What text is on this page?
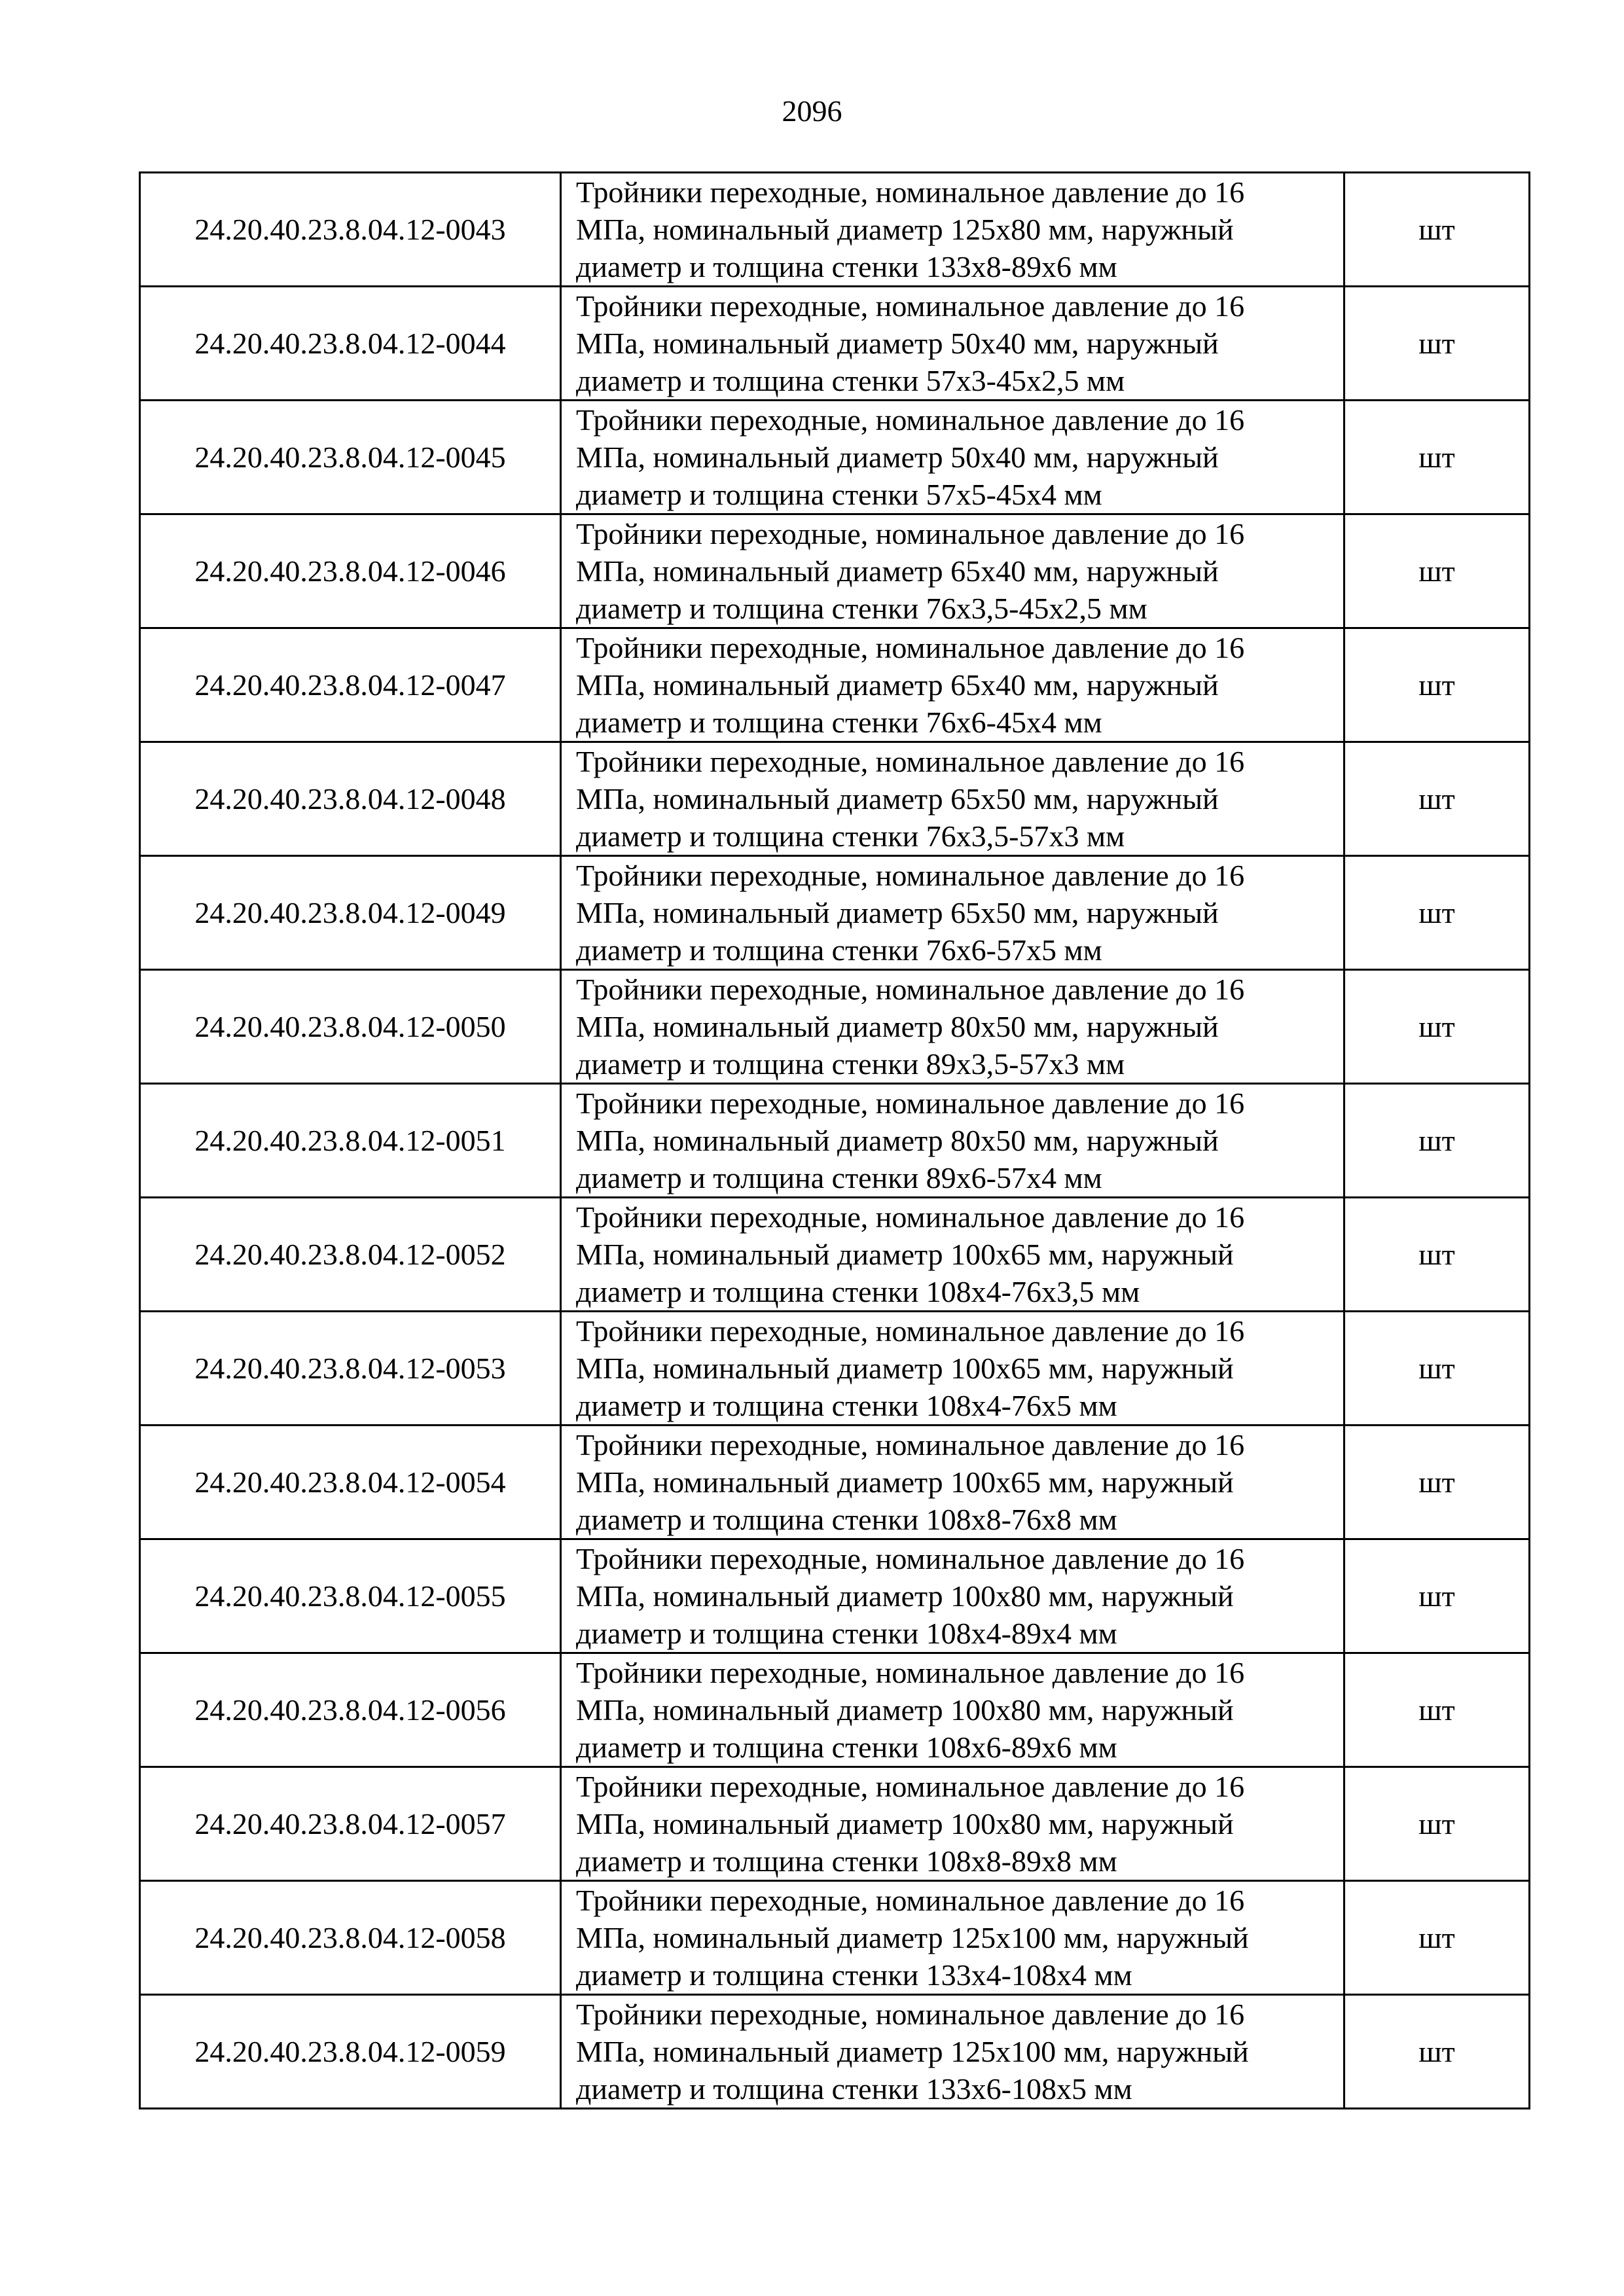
2096
24.20.40.23.8.04.12-0043	Тройники переходные, номинальное давление до 16
МПа, номинальный диаметр 125х80 мм, наружный
диаметр и толщина стенки 133х8-89х6 мм	шт
24.20.40.23.8.04.12-0044	Тройники переходные, номинальное давление до 16
МПа, номинальный диаметр 50х40 мм, наружный
диаметр и толщина стенки 57х3-45х2,5 мм	шт
24.20.40.23.8.04.12-0045	Тройники переходные, номинальное давление до 16
МПа, номинальный диаметр 50х40 мм, наружный
диаметр и толщина стенки 57х5-45х4 мм	шт
24.20.40.23.8.04.12-0046	Тройники переходные, номинальное давление до 16
МПа, номинальный диаметр 65х40 мм, наружный
диаметр и толщина стенки 76х3,5-45х2,5 мм	шт
24.20.40.23.8.04.12-0047	Тройники переходные, номинальное давление до 16
МПа, номинальный диаметр 65х40 мм, наружный
диаметр и толщина стенки 76х6-45х4 мм	шт
24.20.40.23.8.04.12-0048	Тройники переходные, номинальное давление до 16
МПа, номинальный диаметр 65х50 мм, наружный
диаметр и толщина стенки 76х3,5-57х3 мм	шт
24.20.40.23.8.04.12-0049	Тройники переходные, номинальное давление до 16
МПа, номинальный диаметр 65х50 мм, наружный
диаметр и толщина стенки 76х6-57х5 мм	шт
24.20.40.23.8.04.12-0050	Тройники переходные, номинальное давление до 16
МПа, номинальный диаметр 80х50 мм, наружный
диаметр и толщина стенки 89х3,5-57х3 мм	шт
24.20.40.23.8.04.12-0051	Тройники переходные, номинальное давление до 16
МПа, номинальный диаметр 80х50 мм, наружный
диаметр и толщина стенки 89х6-57х4 мм	шт
24.20.40.23.8.04.12-0052	Тройники переходные, номинальное давление до 16
МПа, номинальный диаметр 100х65 мм, наружный
диаметр и толщина стенки 108х4-76х3,5 мм	шт
24.20.40.23.8.04.12-0053	Тройники переходные, номинальное давление до 16
МПа, номинальный диаметр 100х65 мм, наружный
диаметр и толщина стенки 108х4-76х5 мм	шт
24.20.40.23.8.04.12-0054	Тройники переходные, номинальное давление до 16
МПа, номинальный диаметр 100х65 мм, наружный
диаметр и толщина стенки 108х8-76х8 мм	шт
24.20.40.23.8.04.12-0055	Тройники переходные, номинальное давление до 16
МПа, номинальный диаметр 100х80 мм, наружный
диаметр и толщина стенки 108х4-89х4 мм	шт
24.20.40.23.8.04.12-0056	Тройники переходные, номинальное давление до 16
МПа, номинальный диаметр 100х80 мм, наружный
диаметр и толщина стенки 108х6-89х6 мм	шт
24.20.40.23.8.04.12-0057	Тройники переходные, номинальное давление до 16
МПа, номинальный диаметр 100х80 мм, наружный
диаметр и толщина стенки 108х8-89х8 мм	шт
24.20.40.23.8.04.12-0058	Тройники переходные, номинальное давление до 16
МПа, номинальный диаметр 125х100 мм, наружный
диаметр и толщина стенки 133х4-108х4 мм	шт
24.20.40.23.8.04.12-0059	Тройники переходные, номинальное давление до 16
МПа, номинальный диаметр 125х100 мм, наружный
диаметр и толщина стенки 133х6-108х5 мм	шт
